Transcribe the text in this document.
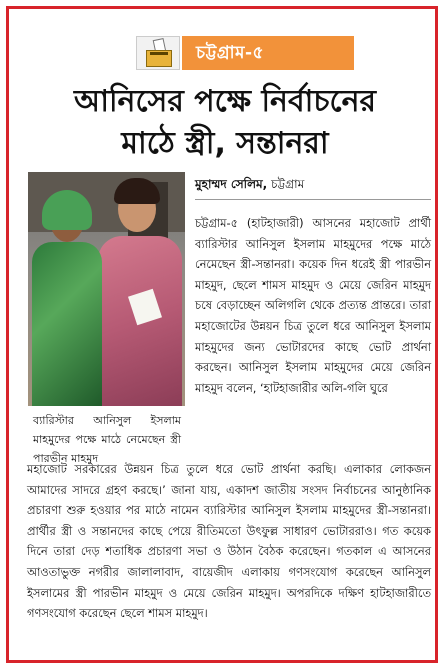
চট্টগ্রাম-৫
আনিসের পক্ষে নির্বাচনের
মাঠে স্ত্রী, সন্তানরা
ব্যারিস্টার আনিসুল ইসলাম মাহমুদের পক্ষে মাঠে নেমেছেন স্ত্রী পারভীন মাহমুদ
মুহাম্মদ সেলিম, চট্টগ্রাম
চট্টগ্রাম-৫ (হাটহাজারী) আসনের মহাজোট প্রার্থী ব্যারিস্টার আনিসুল ইসলাম মাহমুদের পক্ষে মাঠে নেমেছেন স্ত্রী-সন্তানরা। কয়েক দিন ধরেই স্ত্রী পারভীন মাহমুদ, ছেলে শামস মাহমুদ ও মেয়ে জেরিন মাহমুদ চষে বেড়াচ্ছেন অলিগলি থেকে প্রত্যন্ত প্রান্তরে। তারা মহাজোটের উন্নয়ন চিত্র তুলে ধরে আনিসুল ইসলাম মাহমুদের জন্য ভোটারদের কাছে ভোট প্রার্থনা করছেন। আনিসুল ইসলাম মাহমুদের মেয়ে জেরিন মাহমুদ বলেন, ‘হাটহাজারীর অলি-গলি ঘুরে
মহাজোট সরকারের উন্নয়ন চিত্র তুলে ধরে ভোট প্রার্থনা করছি। এলাকার লোকজন আমাদের সাদরে গ্রহণ করছে।’ জানা যায়, একাদশ জাতীয় সংসদ নির্বাচনের আনুষ্ঠানিক প্রচারণা শুরু হওয়ার পর মাঠে নামেন ব্যারিস্টার আনিসুল ইসলাম মাহমুদের স্ত্রী-সন্তানরা। প্রার্থীর স্ত্রী ও সন্তানদের কাছে পেয়ে রীতিমতো উৎফুল্ল সাধারণ ভোটাররাও। গত কয়েক দিনে তারা দেড় শতাধিক প্রচারণা সভা ও উঠান বৈঠক করেছেন। গতকাল এ আসনের আওতাভুক্ত নগরীর জালালাবাদ, বায়েজীদ এলাকায় গণসংযোগ করেছেন আনিসুল ইসলামের স্ত্রী পারভীন মাহমুদ ও মেয়ে জেরিন মাহমুদ। অপরদিকে দক্ষিণ হাটহাজারীতে গণসংযোগ করেছেন ছেলে শামস মাহমুদ।
